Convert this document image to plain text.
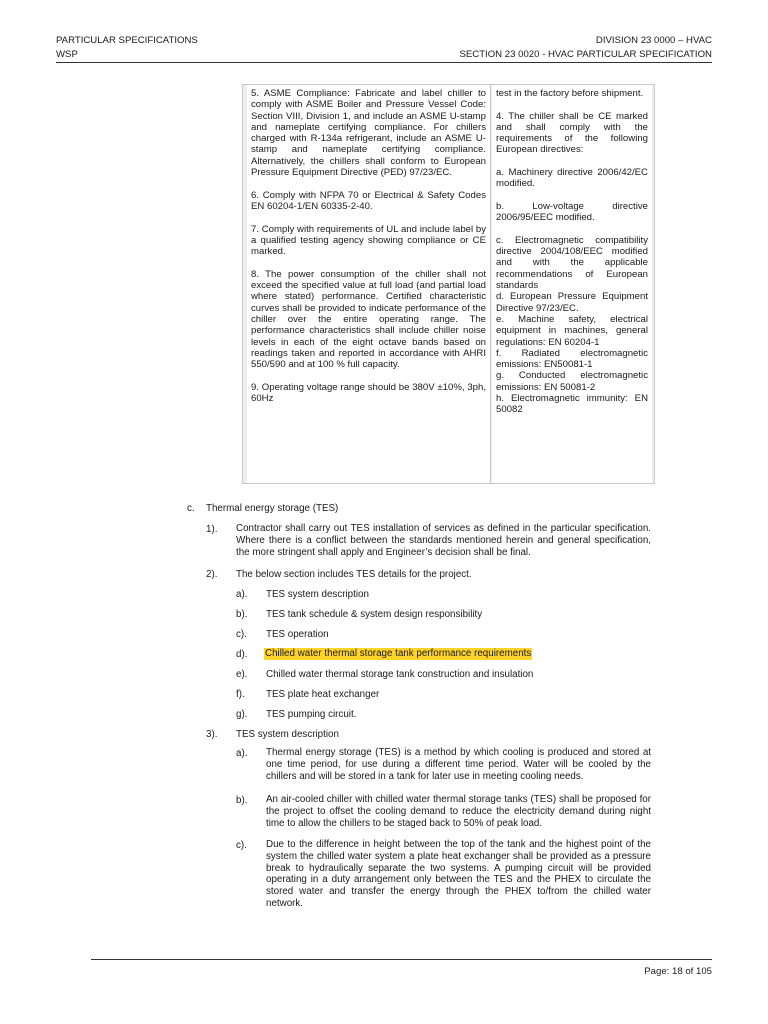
PARTICULAR SPECIFICATIONS	DIVISION 23 0000 – HVAC
WSP	SECTION 23 0020 - HVAC PARTICULAR SPECIFICATION

5. ASME Compliance: Fabricate and label chiller to comply with ASME Boiler and Pressure Vessel Code: Section VIII, Division 1, and include an ASME U-stamp and nameplate certifying compliance. For chillers charged with R-134a refrigerant, include an ASME U-stamp and nameplate certifying compliance. Alternatively, the chillers shall conform to European Pressure Equipment Directive (PED) 97/23/EC.

6. Comply with NFPA 70 or Electrical & Safety Codes EN 60204-1/EN 60335-2-40.

7. Comply with requirements of UL and include label by a qualified testing agency showing compliance or CE marked.

8. The power consumption of the chiller shall not exceed the specified value at full load (and partial load where stated) performance. Certified characteristic curves shall be provided to indicate performance of the chiller over the entire operating range. The performance characteristics shall include chiller noise levels in each of the eight octave bands based on readings taken and reported in accordance with AHRI 550/590 and at 100 % full capacity.

9. Operating voltage range should be 380V ±10%, 3ph, 60Hz

test in the factory before shipment.

4. The chiller shall be CE marked and shall comply with the requirements of the following European directives:

a. Machinery directive 2006/42/EC modified.

b. Low-voltage directive 2006/95/EEC modified.

c. Electromagnetic compatibility directive 2004/108/EEC modified and with the applicable recommendations of European standards

d. European Pressure Equipment Directive 97/23/EC.

e. Machine safety, electrical equipment in machines, general regulations: EN 60204-1

f. Radiated electromagnetic emissions: EN50081-1

g. Conducted electromagnetic emissions: EN 50081-2

h. Electromagnetic immunity: EN 50082

c. Thermal energy storage (TES)
1). Contractor shall carry out TES installation of services as defined in the particular specification. Where there is a conflict between the standards mentioned herein and general specification, the more stringent shall apply and Engineer’s decision shall be final.
2). The below section includes TES details for the project.
a). TES system description
b). TES tank schedule & system design responsibility
c). TES operation
d). Chilled water thermal storage tank performance requirements
e). Chilled water thermal storage tank construction and insulation
f). TES plate heat exchanger
g). TES pumping circuit.
3). TES system description
a). Thermal energy storage (TES) is a method by which cooling is produced and stored at one time period, for use during a different time period. Water will be cooled by the chillers and will be stored in a tank for later use in meeting cooling needs.
b). An air-cooled chiller with chilled water thermal storage tanks (TES) shall be proposed for the project to offset the cooling demand to reduce the electricity demand during night time to allow the chillers to be staged back to 50% of peak load.
c). Due to the difference in height between the top of the tank and the highest point of the system the chilled water system a plate heat exchanger shall be provided as a pressure break to hydraulically separate the two systems. A pumping circuit will be provided operating in a duty arrangement only between the TES and the PHEX to circulate the stored water and transfer the energy through the PHEX to/from the chilled water network.
Page: 18 of 105
